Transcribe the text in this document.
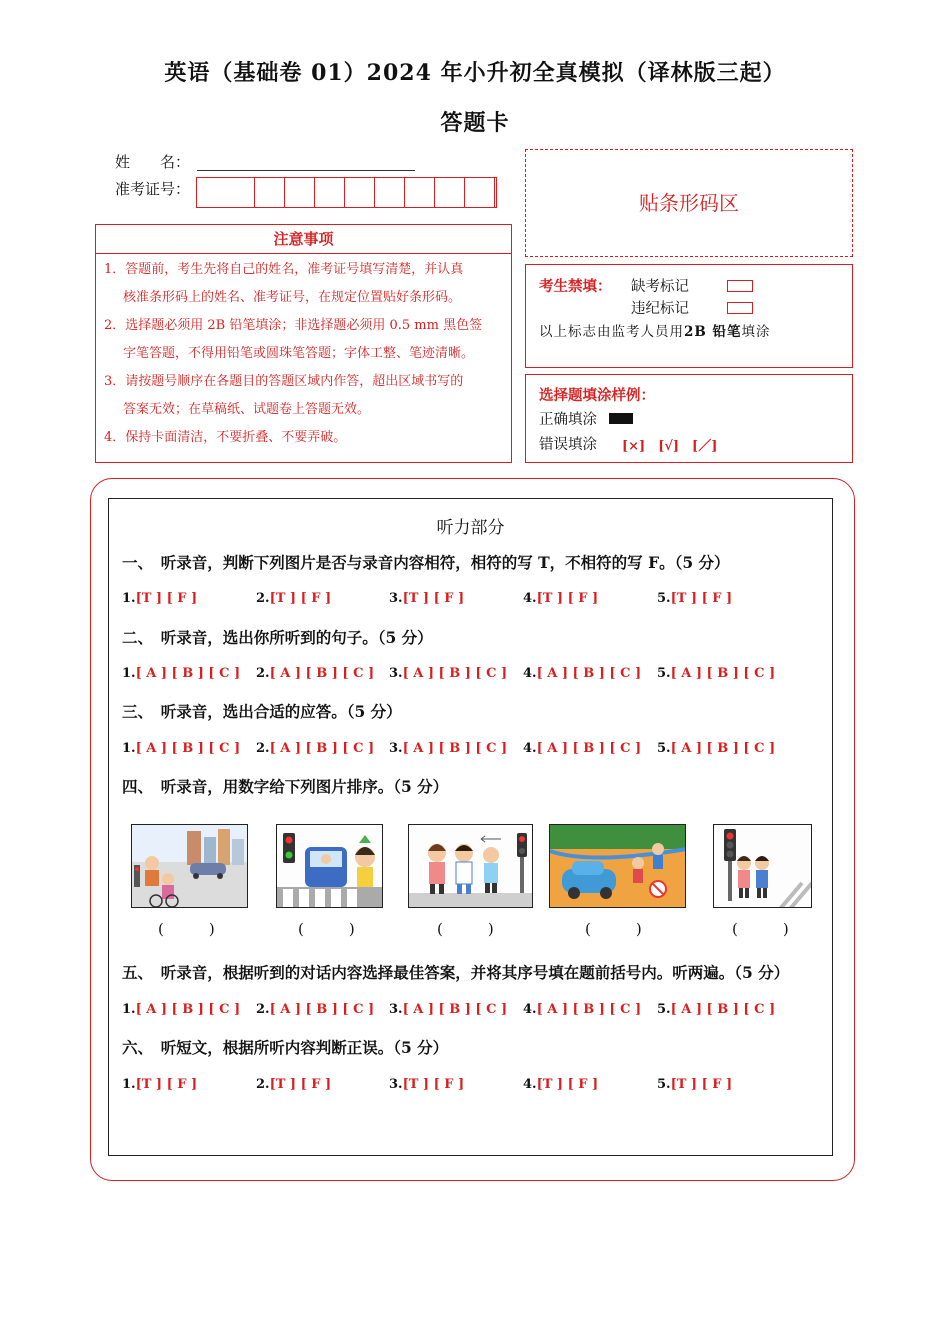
英语（基础卷 01）2024 年小升初全真模拟（译林版三起）
答题卡
姓　　名：
准考证号：
贴条形码区
注意事项
1．答题前，考生先将自己的姓名，准考证号填写清楚，并认真
核准条形码上的姓名、准考证号，在规定位置贴好条形码。
2．选择题必须用 2B 铅笔填涂；非选择题必须用 0.5 mm 黑色签
字笔答题，不得用铅笔或圆珠笔答题；字体工整、笔迹清晰。
3．请按题号顺序在各题目的答题区域内作答，超出区域书写的
答案无效；在草稿纸、试题卷上答题无效。
4．保持卡面清洁，不要折叠、不要弄破。
考生禁填： 缺考标记
违纪标记
以上标志由监考人员用2B 铅笔填涂
选择题填涂样例：
正确填涂
错误填涂 [×]　[√]　[／]
听力部分
一、　听录音，判断下列图片是否与录音内容相符，相符的写 T，不相符的写 F。（5 分）
二、　听录音，选出你所听到的句子。（5 分）
三、　听录音，选出合适的应答。（5 分）
四、　听录音，用数字给下列图片排序。（5 分）
五、　听录音，根据听到的对话内容选择最佳答案，并将其序号填在题前括号内。听两遍。（5 分）
六、　听短文，根据所听内容判断正误。（5 分）
1.[T ] [ F ]	2.[T ] [ F ]	3.[T ] [ F ]	4.[T ] [ F ]	5.[T ] [ F ]
1.[ A ] [ B ] [ C ] 2.[ A ] [ B ] [ C ] 3.[ A ] [ B ] [ C ] 4.[ A ] [ B ] [ C ] 5.[ A ] [ B ] [ C ]
1.[ A ] [ B ] [ C ] 2.[ A ] [ B ] [ C ] 3.[ A ] [ B ] [ C ] 4.[ A ] [ B ] [ C ] 5.[ A ] [ B ] [ C ]
1.[ A ] [ B ] [ C ] 2.[ A ] [ B ] [ C ] 3.[ A ] [ B ] [ C ] 4.[ A ] [ B ] [ C ] 5.[ A ] [ B ] [ C ]
1.[T ] [ F ]	2.[T ] [ F ]	3.[T ] [ F ]	4.[T ] [ F ]	5.[T ] [ F ]
(　　　)	(　　　)	(　　　)	(　　　)	(　　　)
